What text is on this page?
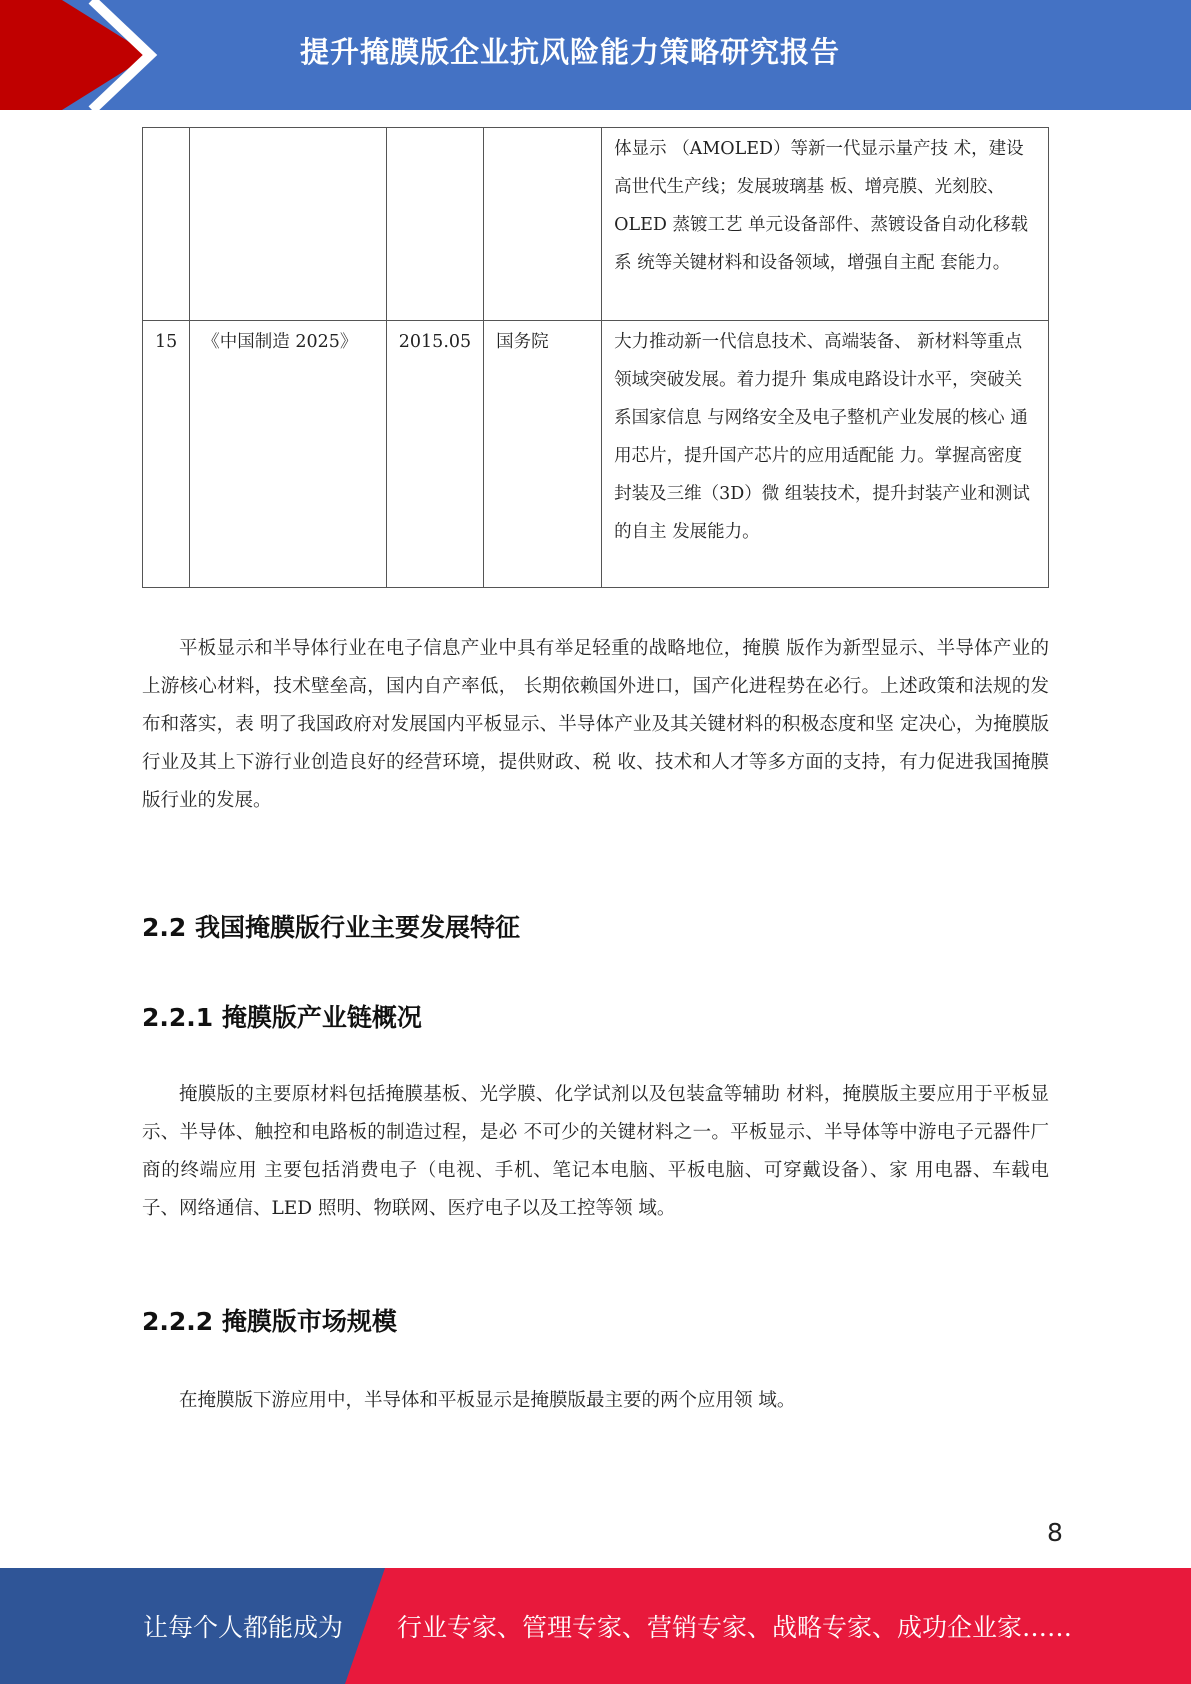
提升掩膜版企业抗风险能力策略研究报告
				体显示 （AMOLED）等新一代显示量产技 术，建设高世代生产线；发展玻璃基 板、增亮膜、光刻胶、OLED 蒸镀工艺 单元设备部件、蒸镀设备自动化移载系 统等关键材料和设备领域，增强自主配 套能力。
15	《中国制造 2025》	2015.05	国务院	大力推动新一代信息技术、高端装备、 新材料等重点领域突破发展。着力提升 集成电路设计水平，突破关系国家信息 与网络安全及电子整机产业发展的核心 通用芯片，提升国产芯片的应用适配能 力。掌握高密度封装及三维（3D）微 组装技术，提升封装产业和测试的自主 发展能力。

平板显示和半导体行业在电子信息产业中具有举足轻重的战略地位，掩膜 版作为新型显示、半导体产业的上游核心材料，技术壁垒高，国内自产率低， 长期依赖国外进口，国产化进程势在必行。上述政策和法规的发布和落实，表 明了我国政府对发展国内平板显示、半导体产业及其关键材料的积极态度和坚 定决心，为掩膜版行业及其上下游行业创造良好的经营环境，提供财政、税 收、技术和人才等多方面的支持，有力促进我国掩膜版行业的发展。

2.2 我国掩膜版行业主要发展特征
2.2.1 掩膜版产业链概况

掩膜版的主要原材料包括掩膜基板、光学膜、化学试剂以及包装盒等辅助 材料，掩膜版主要应用于平板显示、半导体、触控和电路板的制造过程，是必 不可少的关键材料之一。平板显示、半导体等中游电子元器件厂商的终端应用 主要包括消费电子（电视、手机、笔记本电脑、平板电脑、可穿戴设备）、家 用电器、车载电子、网络通信、LED 照明、物联网、医疗电子以及工控等领 域。

2.2.2 掩膜版市场规模

在掩膜版下游应用中，半导体和平板显示是掩膜版最主要的两个应用领 域。

8
让每个人都能成为 行业专家、管理专家、营销专家、战略专家、成功企业家……
